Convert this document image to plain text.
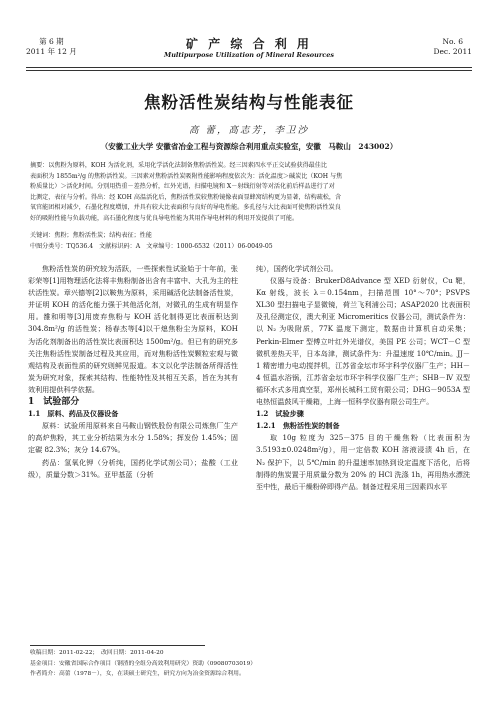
第 6 期
2011 年 12 月
矿 产 综 合 利 用
Multipurpose Utilization of Mineral Resources
No. 6
Dec. 2011
焦粉活性炭结构与性能表征
高 蕾，高志芳，李卫沙
（安徽工业大学 安徽省冶金工程与资源综合利用重点实验室，安徽　马鞍山　243002）
摘要：以焦粉为原料，KOH 为活化剂，采用化学活化法制备焦粉活性炭。经三因素四水平正交试验获得最佳比
表面积为 1855m²/g 的焦粉活性炭。三因素对焦粉活性炭吸附性能影响程度依次为：活化温度＞碱炭比（KOH 与焦
粉质量比）＞活化时间。分别用热重－差热分析，红外光谱，扫描电镜和 X－射线衍射等对活化前后样品进行了对
比测定，表征与分析。得出：经 KOH 高温活化后，焦粉活性炭较焦粉镜像表面显蜂窝结构更为显著，结构疏松，含
氧官能团相对减少，石墨化程度增加，并具有较大比表面积与良好的导电性能。多孔径与大比表面可使焦粉活性炭良
好的吸附性能与负载功能，高石墨化程度与优良导电性能为其用作导电材料的利用开发提供了可能。
关键词：焦粉；焦粉活性炭；结构表征；性能
中图分类号：TQ536.4　文献标识码：A　文章编号：1000-6532（2011）06-0049-05

焦粉活性炭的研究较为活跃，一些探索性试验始于十年前，张彩荣等[1]用物理活化法将丰焦粉制备出含有丰富中、大孔为主的柱状活性炭。章兴德等[2]以鞍焦为原料，采用碱活化法制备活性炭，并证明 KOH 的活化能力强于其他活化剂，对微孔的生成有明显作用。雒和明等[3]用废弃焦粉与 KOH 活化制得更比表面积达到 304.8m²/g 的活性炭；杨春杰等[4]以干熄焦粉尘为原料，KOH 为活化剂制备出的活性炭比表面积达 1500m²/g。但已有的研究多关注焦粉活性炭制备过程及其应用，而对焦粉活性炭颗粒宏观与微观结构及表面性质的研究则鲜见报道。本文以化学法制备所得活性炭为研究对象，探索其结构、性能特性及其相互关系，旨在为其有效利用提供科学依据。

1　试验部分

1.1　原料、药品及仪器设备

原料：试验所用原料来自马鞍山钢铁股份有限公司炼焦厂生产的高炉焦粉，其工业分析结果为水分 1.58%；挥发份 1.45%；固定碳 82.3%；灰分 14.67%。

药品：氢氧化钾（分析纯，国药化学试剂公司）；盐酸（工业级），质量分数＞31%。亚甲基蓝（分析

纯），国药化学试剂公司。

仪器与设备：BrukerD8Advance 型 XED 衍射仪，Cu 靶，Kα 射线，波长 λ＝0.154nm，扫描范围 10°～70°；PSVPS XL30 型扫描电子显微镜，荷兰飞利浦公司；ASAP2020 比表面积及孔径测定仪，澳大利亚 Micromeritics 仪器公司，测试条件为：以 N₂ 为吸附质，77K 温度下测定，数据由计算机自动采集；Perkin-Elmer 型傅立叶红外光谱仪，美国 PE 公司；WCT－C 型微机差热天平，日本岛津，测试条件为：升温速度 10℃/min。JJ－1 精密增力电动搅拌机，江苏省金坛市环宇科学仪器厂生产；HH－4 恒温水浴锅，江苏省金坛市环宇科学仪器厂生产；SHB－Ⅳ 双型循环水式多用真空泵，郑州长城科工贸有限公司；DHG－9053A 型电热恒温鼓风干燥箱，上海一恒科学仪器有限公司生产。

1.2　试验步骤

1.2.1　焦粉活性炭的制备

取 10g 粒度为 325－375 目的干燥焦粉（比表面积为 3.5193±0.0248m²/g），用一定倍数 KOH 溶液浸渍 4h 后，在 N₂ 保护下，以 5℃/min 的升温速率加热到设定温度下活化，后将制得的焦炭置于用质量分数为 20% 的 HCl 洗涤 1h，再用热水漂洗至中性，最后干燥粉碎即得产品。制备过程采用三因素四水平

收稿日期：2011-02-22；　改回日期：2011-04-20
基金项目：安徽省国际合作项目（钢渣的全组分高效利用研究）资助（09080703019）
作者简介：高蕾（1978－），女，在读硕士研究生，研究方向为冶金资源综合利用。
